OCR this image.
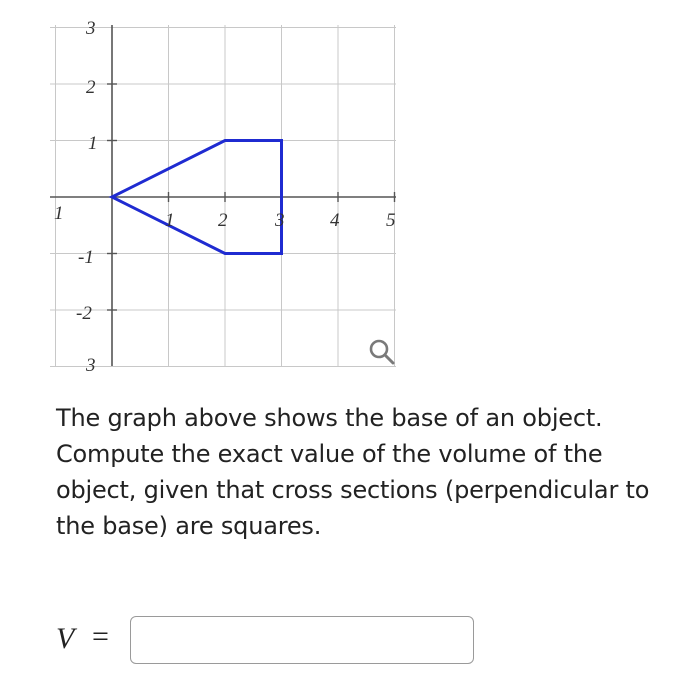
1 2	3 4 5
1
3
2
1
-1
-2
3
The graph above shows the base of an object. Compute the exact value of the volume of the object, given that cross sections (perpendicular to the base) are squares.
V =
